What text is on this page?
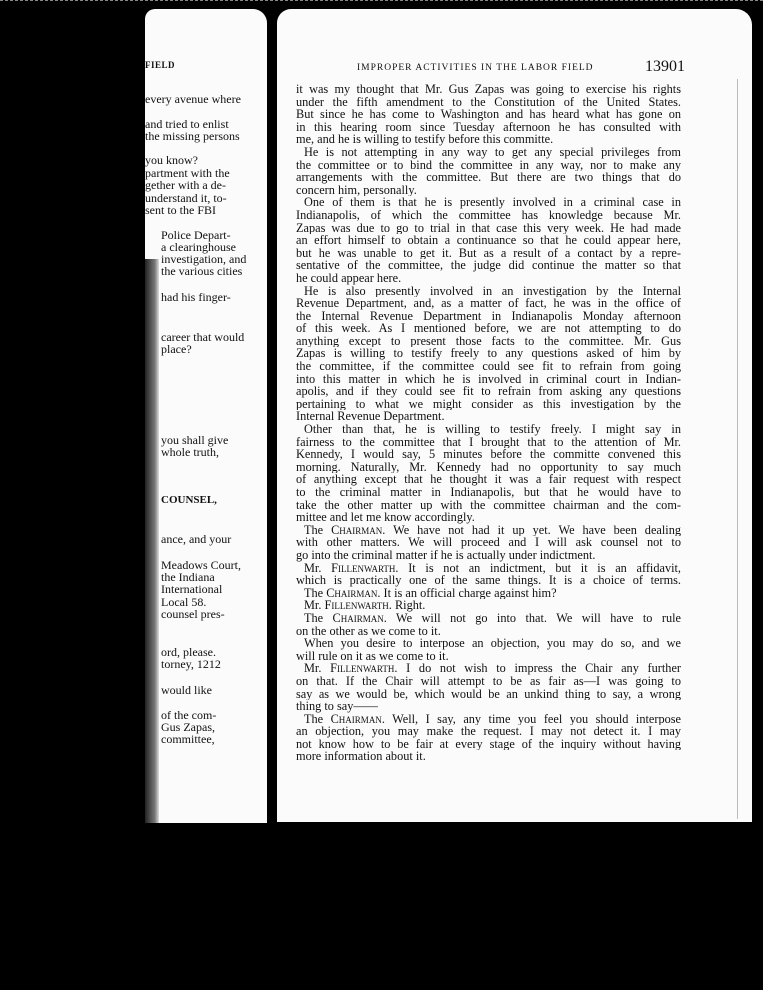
FIELD
every avenue where
and tried to enlist
the missing persons
you know?
partment with the
gether with a de-
understand it, to-
sent to the FBI
Police Depart-
a clearinghouse
investigation, and
the various cities
had his finger-
career that would
place?
you shall give
whole truth,
COUNSEL,
ance, and your
Meadows Court,
the Indiana
International
Local 58.
counsel pres-
ord, please.
torney, 1212
would like
of the com-
Gus Zapas,
committee,
IMPROPER ACTIVITIES IN THE LABOR FIELD	13901
it was my thought that Mr. Gus Zapas was going to exercise his rights
under the fifth amendment to the Constitution of the United States.
But since he has come to Washington and has heard what has gone on
in this hearing room since Tuesday afternoon he has consulted with
me, and he is willing to testify before this committe.
He is not attempting in any way to get any special privileges from
the committee or to bind the committee in any way, nor to make any
arrangements with the committee. But there are two things that do
concern him, personally.
One of them is that he is presently involved in a criminal case in
Indianapolis, of which the committee has knowledge because Mr.
Zapas was due to go to trial in that case this very week. He had made
an effort himself to obtain a continuance so that he could appear here,
but he was unable to get it. But as a result of a contact by a repre-
sentative of the committee, the judge did continue the matter so that
he could appear here.
He is also presently involved in an investigation by the Internal
Revenue Department, and, as a matter of fact, he was in the office of
the Internal Revenue Department in Indianapolis Monday afternoon
of this week. As I mentioned before, we are not attempting to do
anything except to present those facts to the committee. Mr. Gus
Zapas is willing to testify freely to any questions asked of him by
the committee, if the committee could see fit to refrain from going
into this matter in which he is involved in criminal court in Indian-
apolis, and if they could see fit to refrain from asking any questions
pertaining to what we might consider as this investigation by the
Internal Revenue Department.
Other than that, he is willing to testify freely. I might say in
fairness to the committee that I brought that to the attention of Mr.
Kennedy, I would say, 5 minutes before the committe convened this
morning. Naturally, Mr. Kennedy had no opportunity to say much
of anything except that he thought it was a fair request with respect
to the criminal matter in Indianapolis, but that he would have to
take the other matter up with the committee chairman and the com-
mittee and let me know accordingly.
The Chairman. We have not had it up yet. We have been dealing
with other matters. We will proceed and I will ask counsel not to
go into the criminal matter if he is actually under indictment.
Mr. Fillenwarth. It is not an indictment, but it is an affidavit,
which is practically one of the same things. It is a choice of terms.
The Chairman. It is an official charge against him?
Mr. Fillenwarth. Right.
The Chairman. We will not go into that. We will have to rule
on the other as we come to it.
When you desire to interpose an objection, you may do so, and we
will rule on it as we come to it.
Mr. Fillenwarth. I do not wish to impress the Chair any further
on that. If the Chair will attempt to be as fair as—I was going to
say as we would be, which would be an unkind thing to say, a wrong
thing to say——
The Chairman. Well, I say, any time you feel you should interpose
an objection, you may make the request. I may not detect it. I may
not know how to be fair at every stage of the inquiry without having
more information about it.
